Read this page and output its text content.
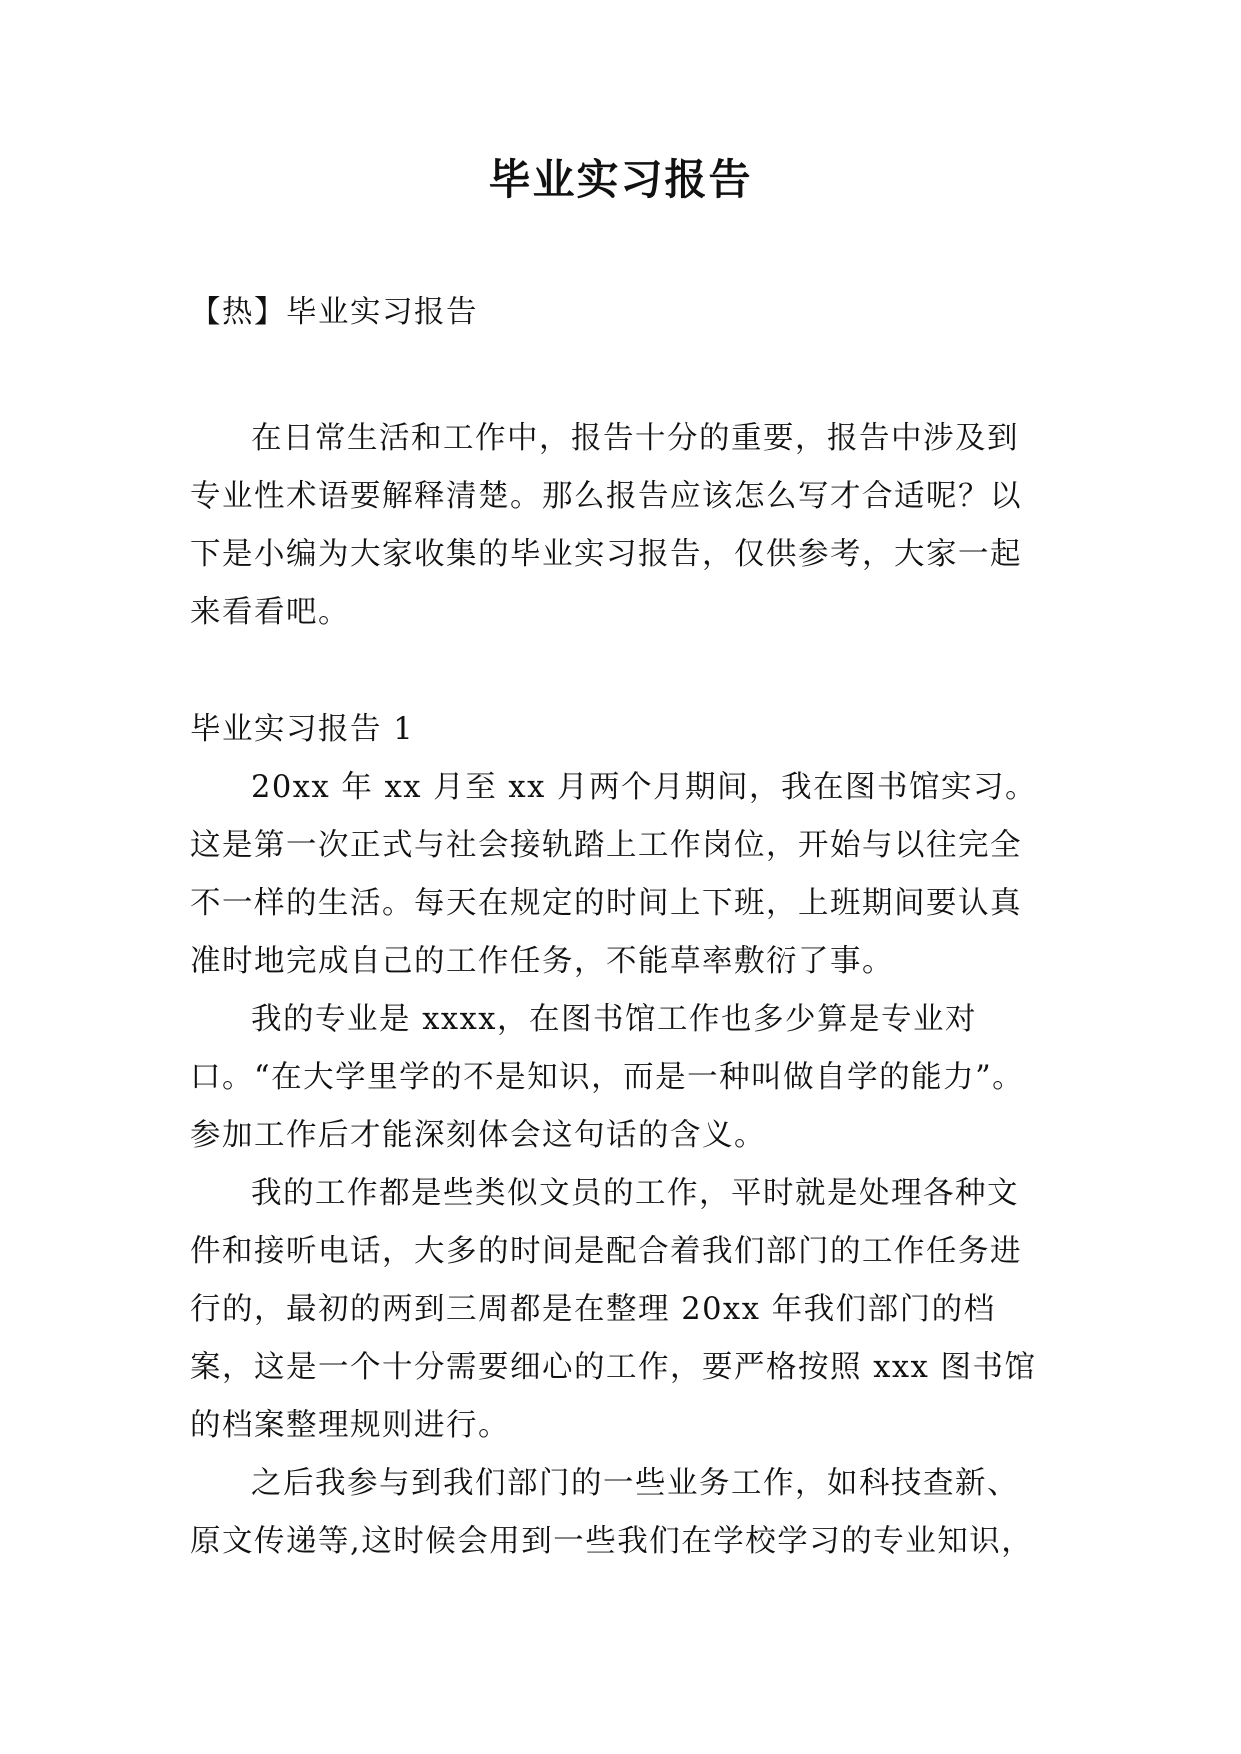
毕业实习报告

【热】毕业实习报告

在日常生活和工作中，报告十分的重要，报告中涉及到专业性术语要解释清楚。那么报告应该怎么写才合适呢？以下是小编为大家收集的毕业实习报告，仅供参考，大家一起来看看吧。

毕业实习报告 1

20xx 年 xx 月至 xx 月两个月期间，我在图书馆实习。这是第一次正式与社会接轨踏上工作岗位，开始与以往完全不一样的生活。每天在规定的时间上下班，上班期间要认真准时地完成自己的工作任务，不能草率敷衍了事。

我的专业是 xxxx，在图书馆工作也多少算是专业对口。“在大学里学的不是知识，而是一种叫做自学的能力”。参加工作后才能深刻体会这句话的含义。

我的工作都是些类似文员的工作，平时就是处理各种文件和接听电话，大多的时间是配合着我们部门的工作任务进行的，最初的两到三周都是在整理 20xx 年我们部门的档案，这是一个十分需要细心的工作，要严格按照 xxx 图书馆的档案整理规则进行。

之后我参与到我们部门的一些业务工作，如科技查新、原文传递等,这时候会用到一些我们在学校学习的专业知识，
